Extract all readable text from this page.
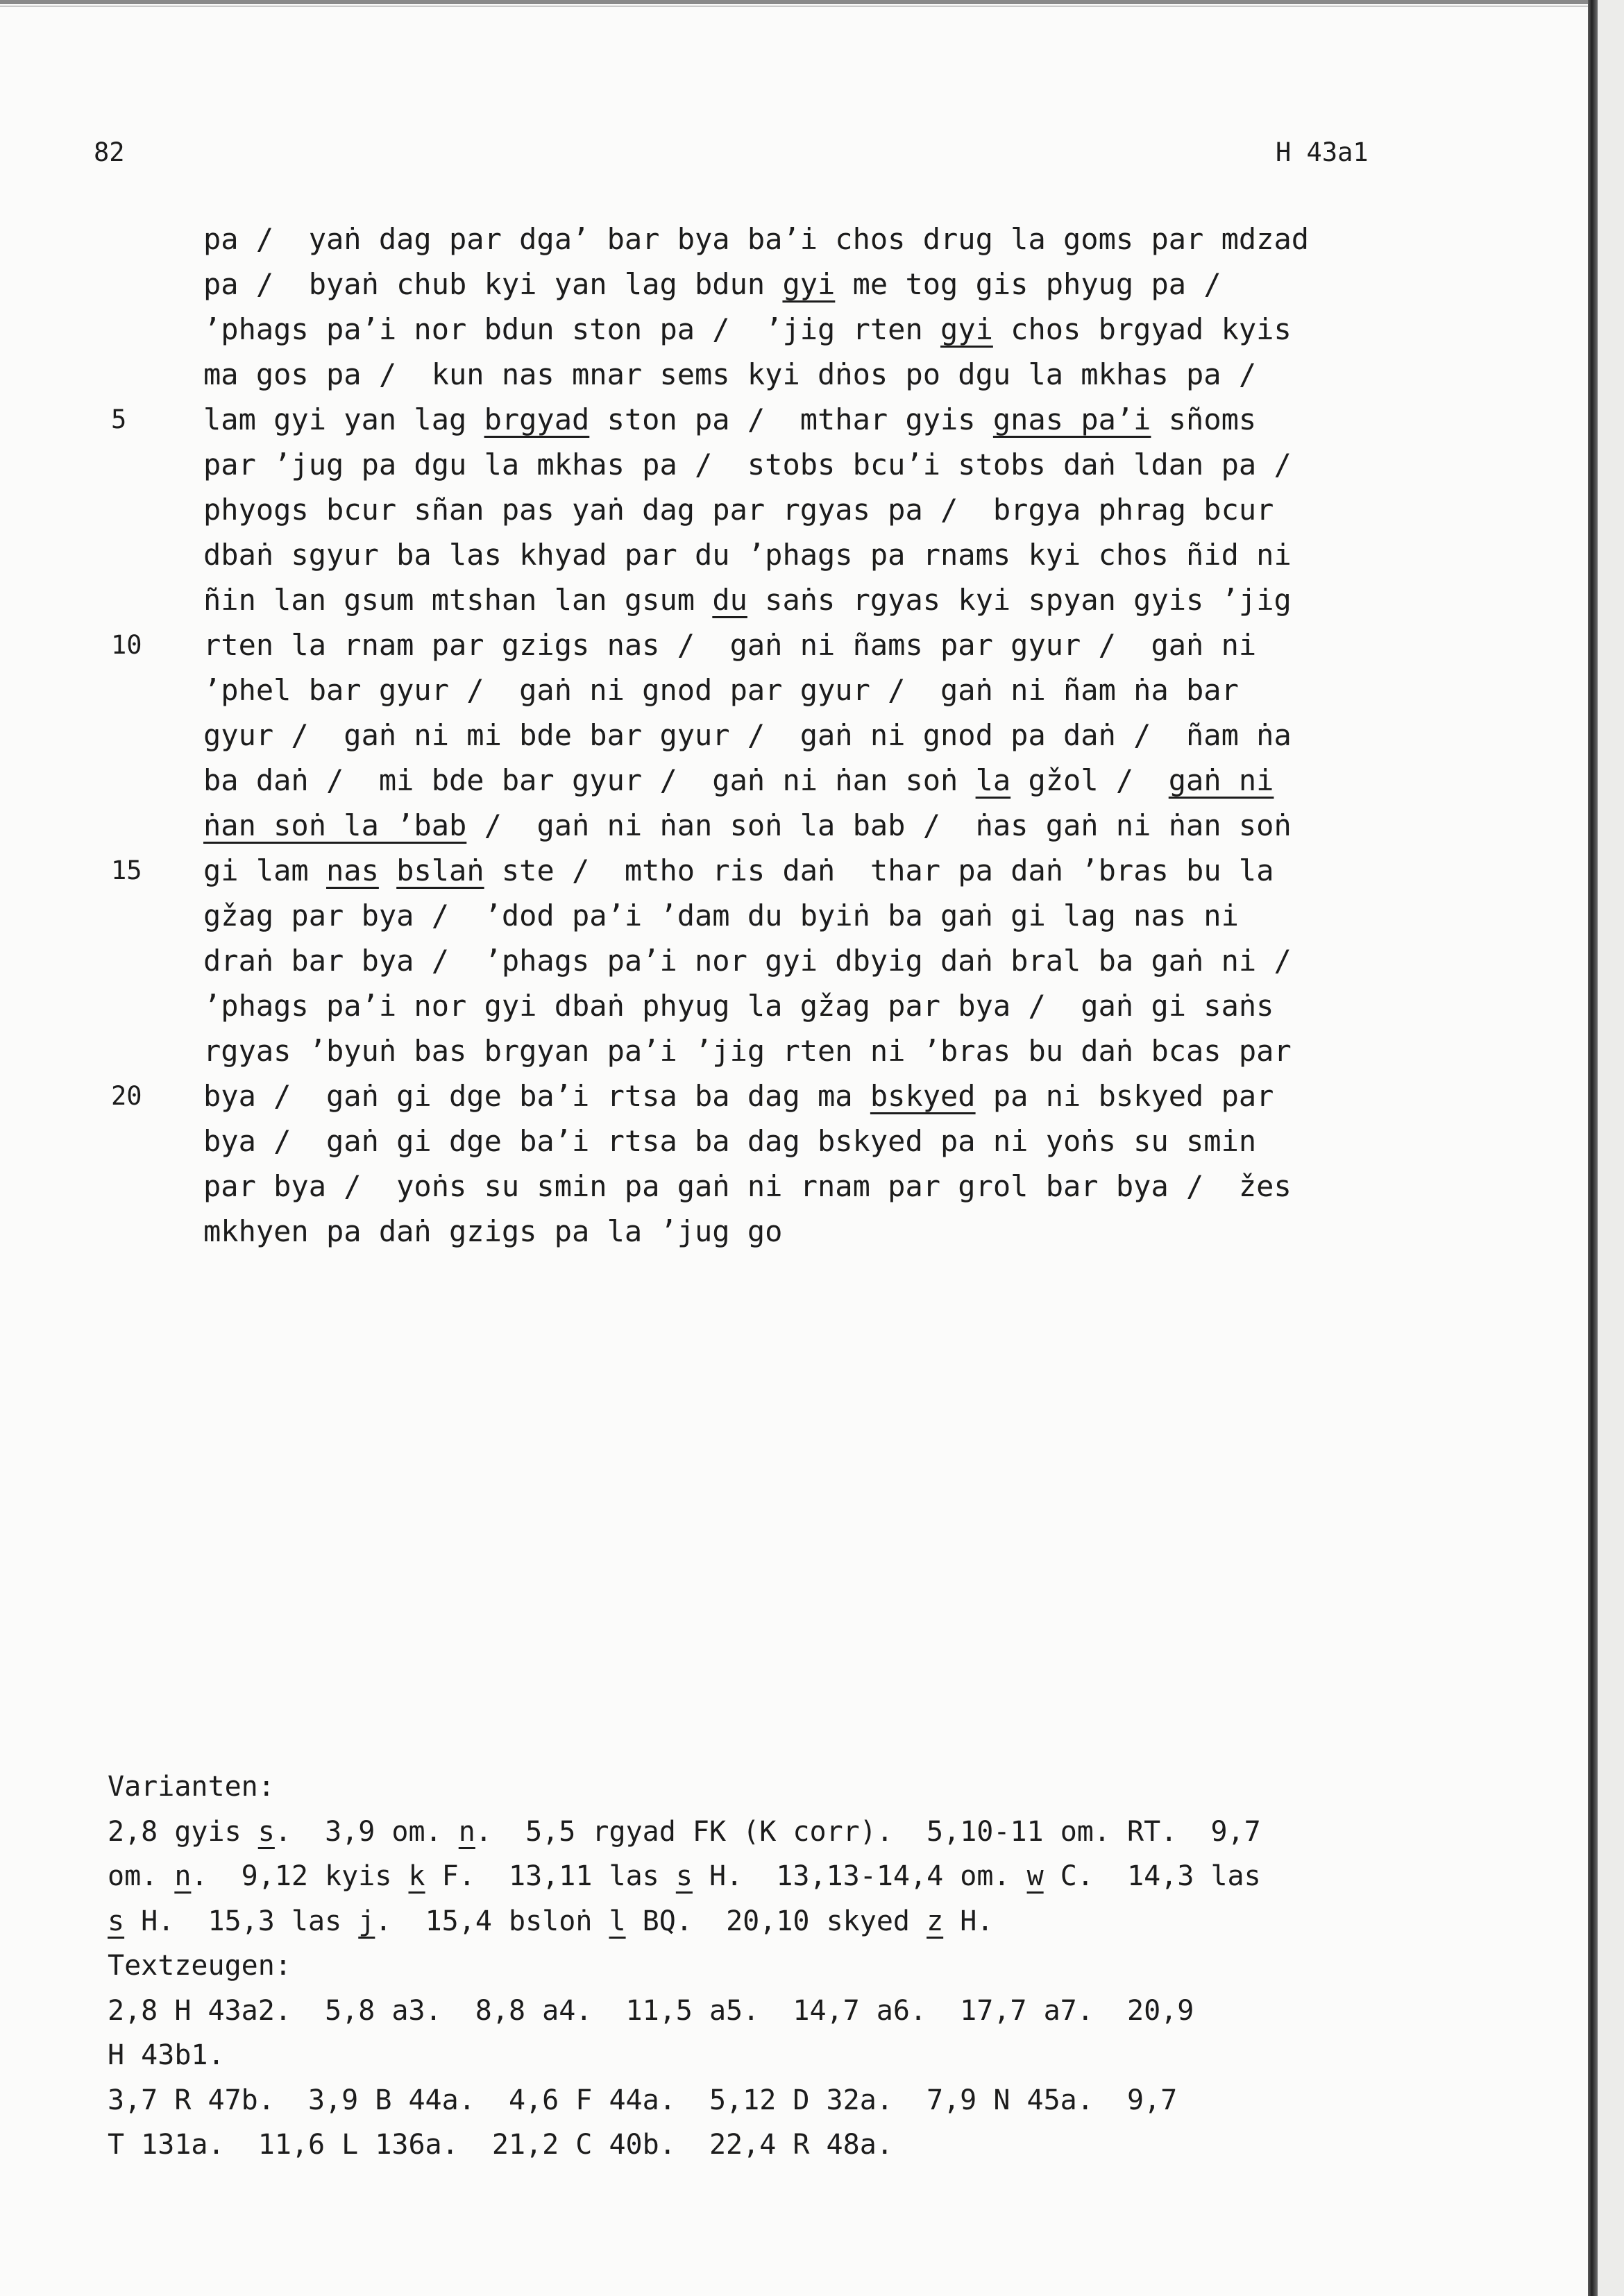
82	H 43a1
pa /  yaṅ dag par dga’ bar bya ba’i chos drug la goms par mdzad
pa /  byaṅ chub kyi yan lag bdun gyi me tog gis phyug pa /
’phags pa’i nor bdun ston pa /  ’jig rten gyi chos brgyad kyis
ma gos pa /  kun nas mnar sems kyi dṅos po dgu la mkhas pa /
5	lam gyi yan lag brgyad ston pa /  mthar gyis gnas pa’i sñoms
par ’jug pa dgu la mkhas pa /  stobs bcu’i stobs daṅ ldan pa /
phyogs bcur sñan pas yaṅ dag par rgyas pa /  brgya phrag bcur
dbaṅ sgyur ba las khyad par du ’phags pa rnams kyi chos ñid ni
ñin lan gsum mtshan lan gsum du saṅs rgyas kyi spyan gyis ’jig
10	rten la rnam par gzigs nas /  gaṅ ni ñams par gyur /  gaṅ ni
’phel bar gyur /  gaṅ ni gnod par gyur /  gaṅ ni ñam ṅa bar
gyur /  gaṅ ni mi bde bar gyur /  gaṅ ni gnod pa daṅ /  ñam ṅa
ba daṅ /  mi bde bar gyur /  gaṅ ni ṅan soṅ la gžol /  gaṅ ni
ṅan soṅ la ’bab /  gaṅ ni ṅan soṅ la bab /  ṅas gaṅ ni ṅan soṅ
15	gi lam nas bslaṅ ste /  mtho ris daṅ  thar pa daṅ ’bras bu la
gžag par bya /  ’dod pa’i ’dam du byiṅ ba gaṅ gi lag nas ni
draṅ bar bya /  ’phags pa’i nor gyi dbyig daṅ bral ba gaṅ ni /
’phags pa’i nor gyi dbaṅ phyug la gžag par bya /  gaṅ gi saṅs
rgyas ’byuṅ bas brgyan pa’i ’jig rten ni ’bras bu daṅ bcas par
20	bya /  gaṅ gi dge ba’i rtsa ba dag ma bskyed pa ni bskyed par
bya /  gaṅ gi dge ba’i rtsa ba dag bskyed pa ni yoṅs su smin
par bya /  yoṅs su smin pa gaṅ ni rnam par grol bar bya /  žes
mkhyen pa daṅ gzigs pa la ’jug go
Varianten:
2,8 gyis s.  3,9 om. n.  5,5 rgyad FK (K corr).  5,10-11 om. RT.  9,7
om. n.  9,12 kyis k F.  13,11 las s H.  13,13-14,4 om. w C.  14,3 las
s H.  15,3 las j.  15,4 bsloṅ l BQ.  20,10 skyed z H.
Textzeugen:
2,8 H 43a2.  5,8 a3.  8,8 a4.  11,5 a5.  14,7 a6.  17,7 a7.  20,9
H 43b1.
3,7 R 47b.  3,9 B 44a.  4,6 F 44a.  5,12 D 32a.  7,9 N 45a.  9,7
T 131a.  11,6 L 136a.  21,2 C 40b.  22,4 R 48a.
